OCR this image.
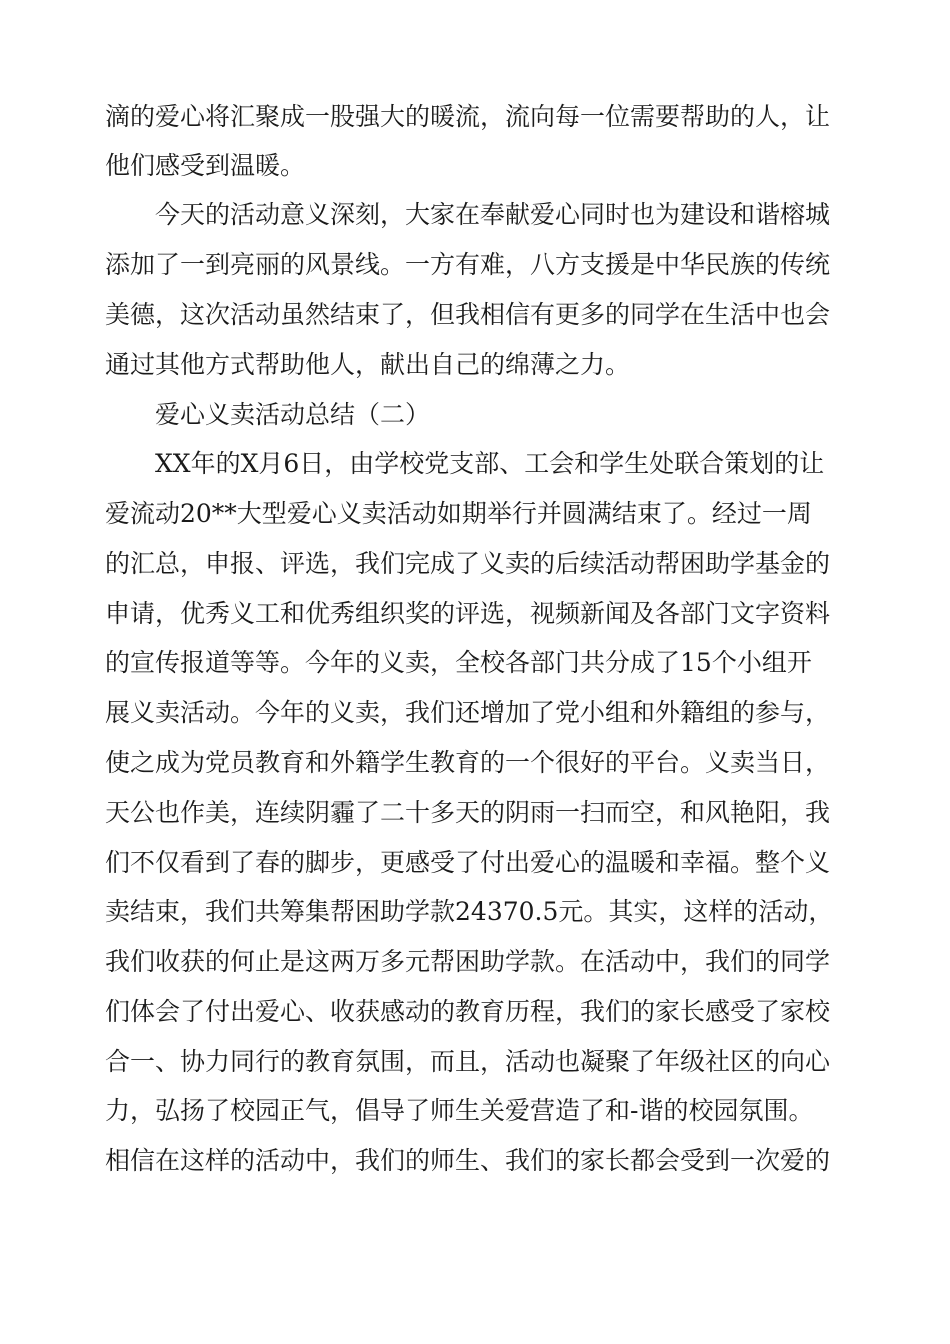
滴的爱心将汇聚成一股强大的暖流，流向每一位需要帮助的人，让
他们感受到温暖。
　　今天的活动意义深刻，大家在奉献爱心同时也为建设和谐榕城
添加了一到亮丽的风景线。一方有难，八方支援是中华民族的传统
美德，这次活动虽然结束了，但我相信有更多的同学在生活中也会
通过其他方式帮助他人，献出自己的绵薄之力。
　　爱心义卖活动总结（二）
　　XX年的X月6日，由学校党支部、工会和学生处联合策划的让
爱流动20**大型爱心义卖活动如期举行并圆满结束了。经过一周
的汇总，申报、评选，我们完成了义卖的后续活动帮困助学基金的
申请，优秀义工和优秀组织奖的评选，视频新闻及各部门文字资料
的宣传报道等等。今年的义卖，全校各部门共分成了15个小组开
展义卖活动。今年的义卖，我们还增加了党小组和外籍组的参与，
使之成为党员教育和外籍学生教育的一个很好的平台。义卖当日，
天公也作美，连续阴霾了二十多天的阴雨一扫而空，和风艳阳，我
们不仅看到了春的脚步，更感受了付出爱心的温暖和幸福。整个义
卖结束，我们共筹集帮困助学款24370.5元。其实，这样的活动，
我们收获的何止是这两万多元帮困助学款。在活动中，我们的同学
们体会了付出爱心、收获感动的教育历程，我们的家长感受了家校
合一、协力同行的教育氛围，而且，活动也凝聚了年级社区的向心
力，弘扬了校园正气，倡导了师生关爱营造了和-谐的校园氛围。
相信在这样的活动中，我们的师生、我们的家长都会受到一次爱的
